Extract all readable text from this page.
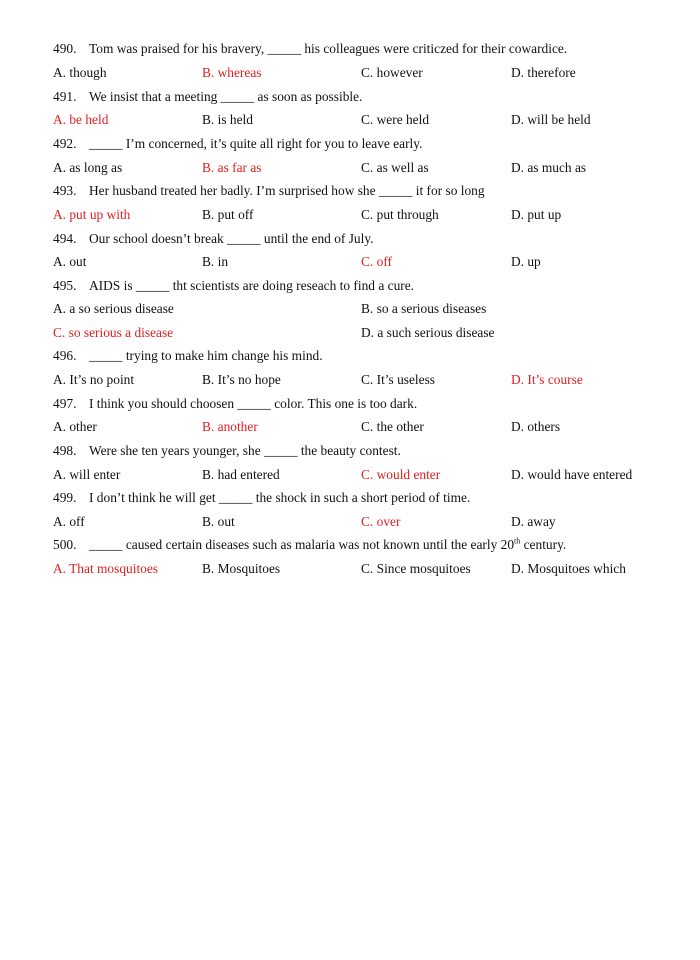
490. Tom was praised for his bravery, _____ his colleagues were criticzed for their cowardice.
A. though	B. whereas	C. however	D. therefore
491. We insist that a meeting _____ as soon as possible.
A. be held	B. is held	C. were held	D. will be held
492. _____ I’m concerned, it’s quite all right for you to leave early.
A. as long as	B. as far as	C. as well as	D. as much as
493. Her husband treated her badly. I’m surprised how she _____ it for so long
A. put up with	B. put off	C. put through	D. put up
494. Our school doesn’t break _____ until the end of July.
A. out	B. in	C. off	D. up
495. AIDS is _____ tht scientists are doing reseach to find a cure.
A. a so serious disease	B. so a serious diseases
C. so serious a disease	D. a such serious disease
496. _____ trying to make him change his mind.
A. It’s no point	B. It’s no hope	C. It’s useless	D. It’s course
497. I think you should choosen _____ color. This one is too dark.
A. other	B. another	C. the other	D. others
498. Were she ten years younger, she _____ the beauty contest.
A. will enter	B. had entered	C. would enter	D. would have entered
499. I don’t think he will get _____ the shock in such a short period of time.
A. off	B. out	C. over	D. away
500. _____ caused certain diseases such as malaria was not known until the early 20th century.
A. That mosquitoes	B. Mosquitoes	C. Since mosquitoes	D. Mosquitoes which
